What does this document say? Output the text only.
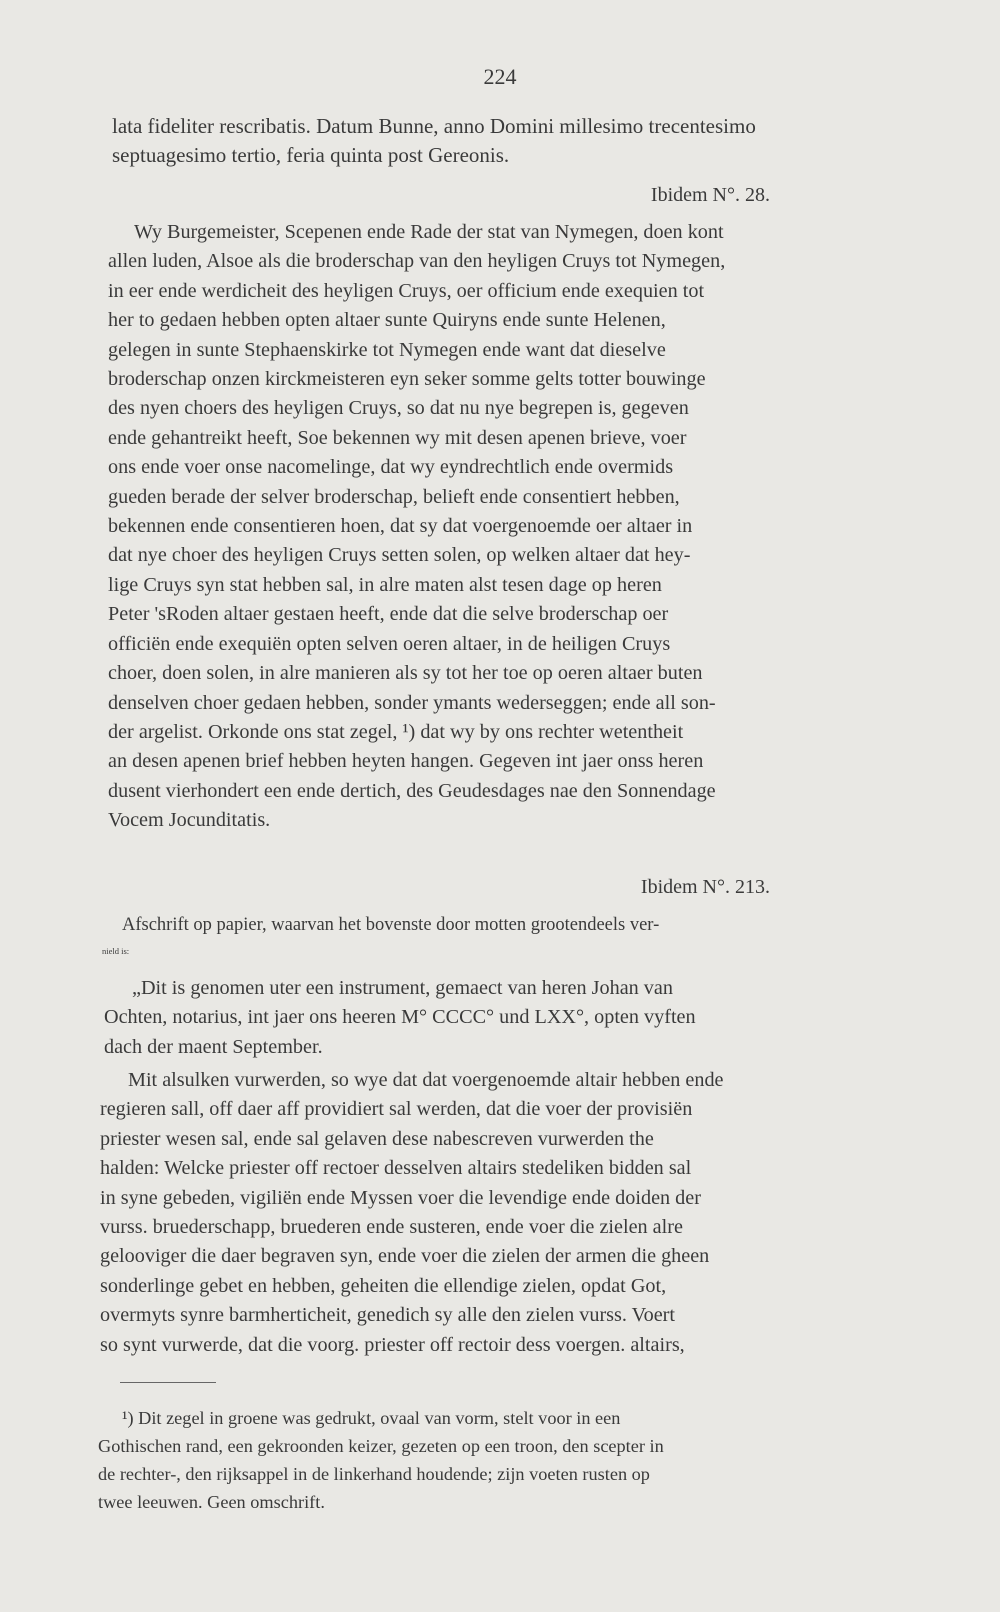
224
lata fideliter rescribatis. Datum Bunne, anno Domini millesimo trecentesimo
septuagesimo tertio, feria quinta post Gereonis.
Ibidem N°. 28.
Wy Burgemeister, Scepenen ende Rade der stat van Nymegen, doen kont
allen luden, Alsoe als die broderschap van den heyligen Cruys tot Nymegen,
in eer ende werdicheit des heyligen Cruys, oer officium ende exequien tot
her to gedaen hebben opten altaer sunte Quiryns ende sunte Helenen,
gelegen in sunte Stephaenskirke tot Nymegen ende want dat dieselve
broderschap onzen kirckmeisteren eyn seker somme gelts totter bouwinge
des nyen choers des heyligen Cruys, so dat nu nye begrepen is, gegeven
ende gehantreikt heeft, Soe bekennen wy mit desen apenen brieve, voer
ons ende voer onse nacomelinge, dat wy eyndrechtlich ende overmids
gueden berade der selver broderschap, belieft ende consentiert hebben,
bekennen ende consentieren hoen, dat sy dat voergenoemde oer altaer in
dat nye choer des heyligen Cruys setten solen, op welken altaer dat hey-
lige Cruys syn stat hebben sal, in alre maten alst tesen dage op heren
Peter 'sRoden altaer gestaen heeft, ende dat die selve broderschap oer
officiën ende exequiën opten selven oeren altaer, in de heiligen Cruys
choer, doen solen, in alre manieren als sy tot her toe op oeren altaer buten
denselven choer gedaen hebben, sonder ymants wederseggen; ende all son-
der argelist. Orkonde ons stat zegel, ¹) dat wy by ons rechter wetentheit
an desen apenen brief hebben heyten hangen. Gegeven int jaer onss heren
dusent vierhondert een ende dertich, des Geudesdages nae den Sonnendage
Vocem Jocunditatis.
Ibidem N°. 213.
Afschrift op papier, waarvan het bovenste door motten grootendeels ver-
nield is:
„Dit is genomen uter een instrument, gemaect van heren Johan van
Ochten, notarius, int jaer ons heeren M° CCCC° und LXX°, opten vyften
dach der maent September.
Mit alsulken vurwerden, so wye dat dat voergenoemde altair hebben ende
regieren sall, off daer aff providiert sal werden, dat die voer der provisiën
priester wesen sal, ende sal gelaven dese nabescreven vurwerden the
halden: Welcke priester off rectoer desselven altairs stedeliken bidden sal
in syne gebeden, vigiliën ende Myssen voer die levendige ende doiden der
vurss. bruederschapp, bruederen ende susteren, ende voer die zielen alre
gelooviger die daer begraven syn, ende voer die zielen der armen die gheen
sonderlinge gebet en hebben, geheiten die ellendige zielen, opdat Got,
overmyts synre barmherticheit, genedich sy alle den zielen vurss. Voert
so synt vurwerde, dat die voorg. priester off rectoir dess voergen. altairs,
¹) Dit zegel in groene was gedrukt, ovaal van vorm, stelt voor in een
Gothischen rand, een gekroonden keizer, gezeten op een troon, den scepter in
de rechter-, den rijksappel in de linkerhand houdende; zijn voeten rusten op
twee leeuwen. Geen omschrift.
